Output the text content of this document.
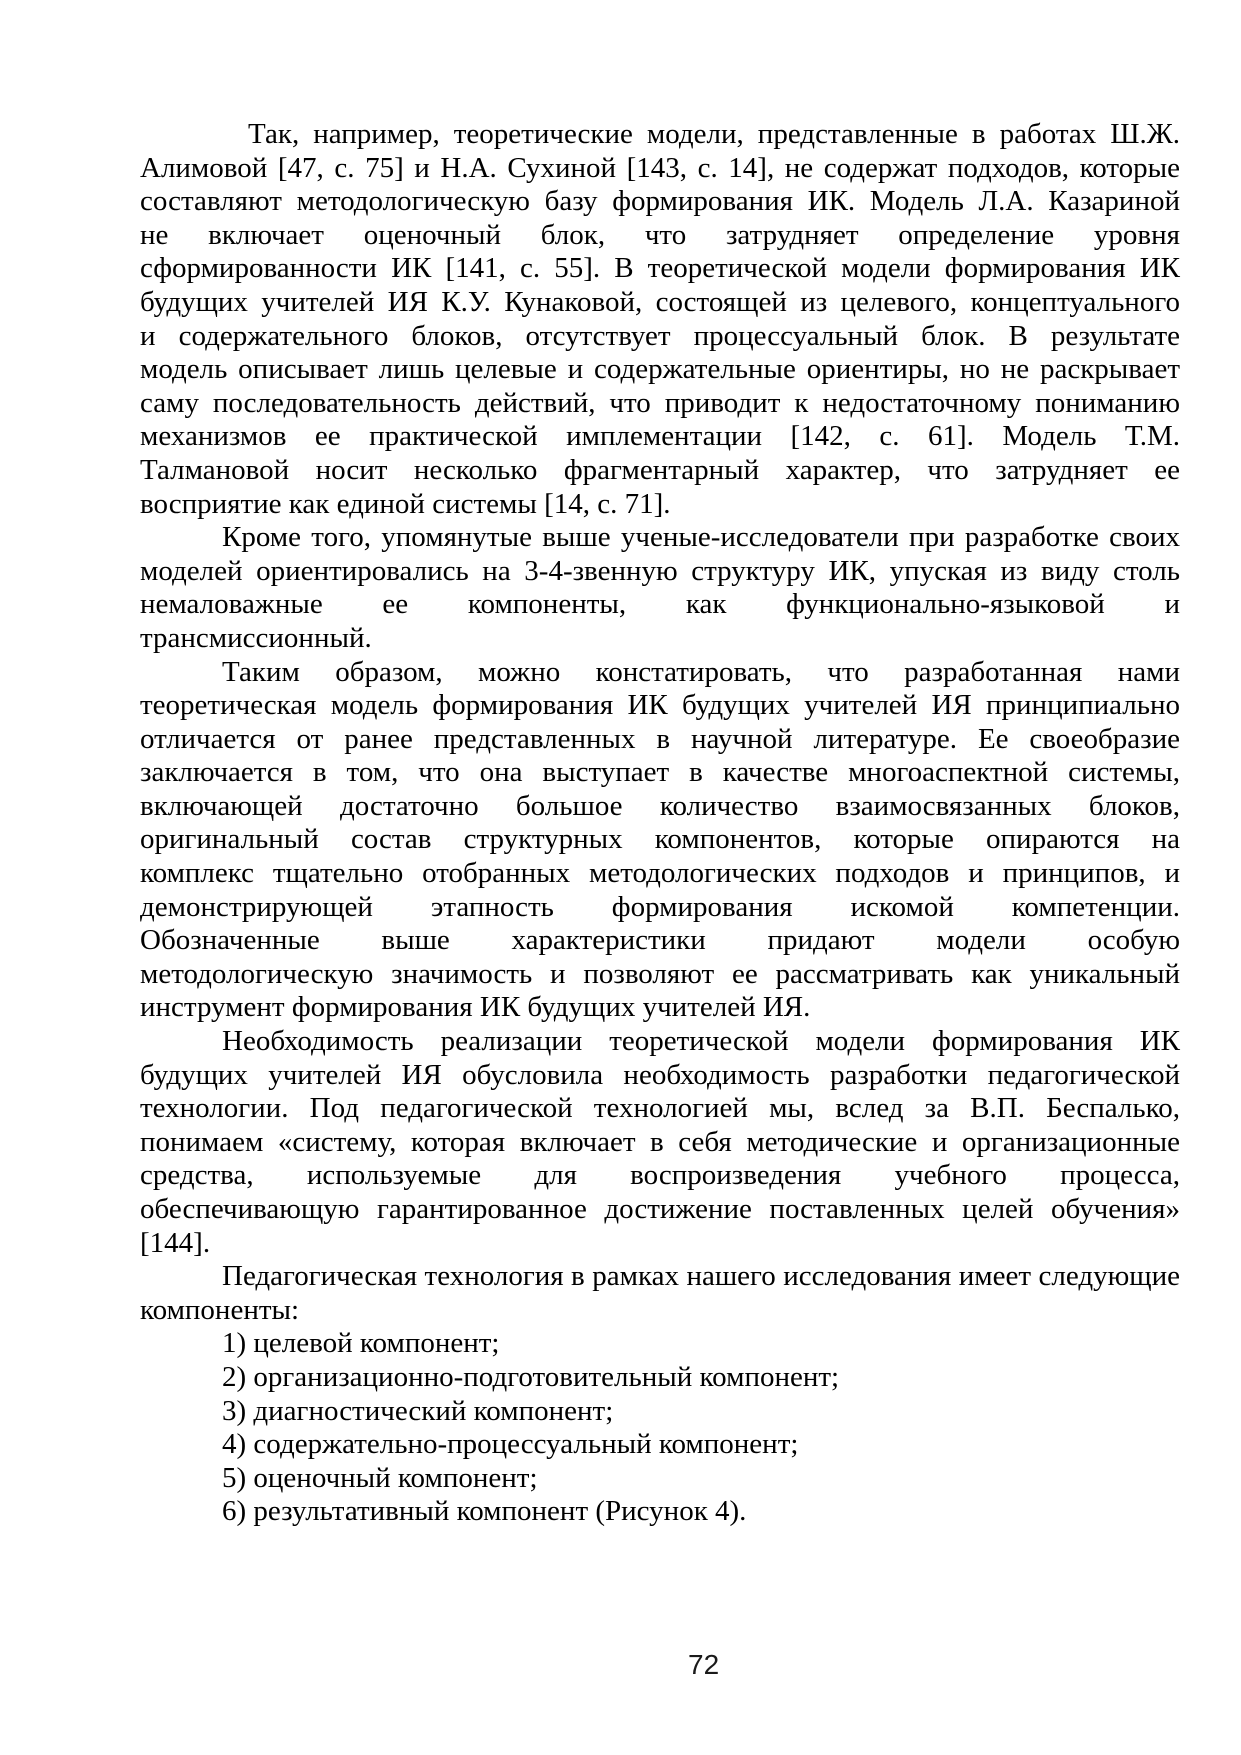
Так, например, теоретические модели, представленные в работах Ш.Ж.
Алимовой [47, с. 75] и Н.А. Сухиной [143, с. 14], не содержат подходов, которые
составляют методологическую базу формирования ИК. Модель Л.А. Казариной
не включает оценочный блок, что затрудняет определение уровня
сформированности ИК [141, с. 55]. В теоретической модели формирования ИК
будущих учителей ИЯ К.У. Кунаковой, состоящей из целевого, концептуального
и содержательного блоков, отсутствует процессуальный блок. В результате
модель описывает лишь целевые и содержательные ориентиры, но не раскрывает
саму последовательность действий, что приводит к недостаточному пониманию
механизмов ее практической имплементации [142, с. 61]. Модель Т.М.
Талмановой носит несколько фрагментарный характер, что затрудняет ее
восприятие как единой системы [14, с. 71].
Кроме того, упомянутые выше ученые-исследователи при разработке своих
моделей ориентировались на 3-4-звенную структуру ИК, упуская из виду столь
немаловажные ее компоненты, как функционально-языковой и
трансмиссионный.
Таким образом, можно констатировать, что разработанная нами
теоретическая модель формирования ИК будущих учителей ИЯ принципиально
отличается от ранее представленных в научной литературе. Ее своеобразие
заключается в том, что она выступает в качестве многоаспектной системы,
включающей достаточно большое количество взаимосвязанных блоков,
оригинальный состав структурных компонентов, которые опираются на
комплекс тщательно отобранных методологических подходов и принципов, и
демонстрирующей этапность формирования искомой компетенции.
Обозначенные выше характеристики придают модели особую
методологическую значимость и позволяют ее рассматривать как уникальный
инструмент формирования ИК будущих учителей ИЯ.
Необходимость реализации теоретической модели формирования ИК
будущих учителей ИЯ обусловила необходимость разработки педагогической
технологии. Под педагогической технологией мы, вслед за В.П. Беспалько,
понимаем «систему, которая включает в себя методические и организационные
средства, используемые для воспроизведения учебного процесса,
обеспечивающую гарантированное достижение поставленных целей обучения»
[144].
Педагогическая технология в рамках нашего исследования имеет следующие
компоненты:
1) целевой компонент;
2) организационно-подготовительный компонент;
3) диагностический компонент;
4) содержательно-процессуальный компонент;
5) оценочный компонент;
6) результативный компонент (Рисунок 4).
72
